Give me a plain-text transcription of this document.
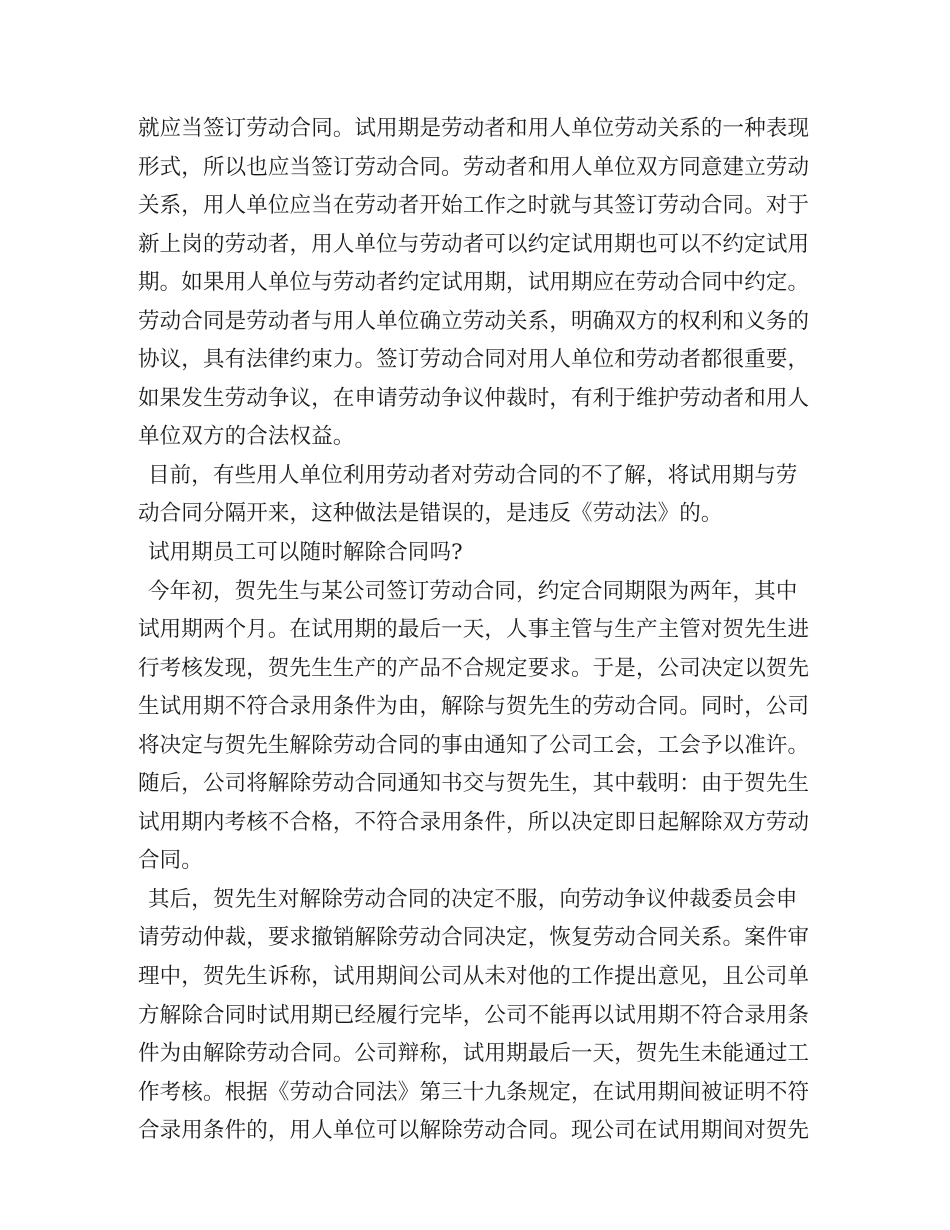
就应当签订劳动合同。试用期是劳动者和用人单位劳动关系的一种表现
形式，所以也应当签订劳动合同。劳动者和用人单位双方同意建立劳动
关系，用人单位应当在劳动者开始工作之时就与其签订劳动合同。对于
新上岗的劳动者，用人单位与劳动者可以约定试用期也可以不约定试用
期。如果用人单位与劳动者约定试用期，试用期应在劳动合同中约定。
劳动合同是劳动者与用人单位确立劳动关系，明确双方的权利和义务的
协议，具有法律约束力。签订劳动合同对用人单位和劳动者都很重要，
如果发生劳动争议，在申请劳动争议仲裁时，有利于维护劳动者和用人
单位双方的合法权益。
目前，有些用人单位利用劳动者对劳动合同的不了解，将试用期与劳
动合同分隔开来，这种做法是错误的，是违反《劳动法》的。
试用期员工可以随时解除合同吗?
今年初，贺先生与某公司签订劳动合同，约定合同期限为两年，其中
试用期两个月。在试用期的最后一天，人事主管与生产主管对贺先生进
行考核发现，贺先生生产的产品不合规定要求。于是，公司决定以贺先
生试用期不符合录用条件为由，解除与贺先生的劳动合同。同时，公司
将决定与贺先生解除劳动合同的事由通知了公司工会，工会予以准许。
随后，公司将解除劳动合同通知书交与贺先生，其中载明：由于贺先生
试用期内考核不合格，不符合录用条件，所以决定即日起解除双方劳动
合同。
其后，贺先生对解除劳动合同的决定不服，向劳动争议仲裁委员会申
请劳动仲裁，要求撤销解除劳动合同决定，恢复劳动合同关系。案件审
理中，贺先生诉称，试用期间公司从未对他的工作提出意见，且公司单
方解除合同时试用期已经履行完毕，公司不能再以试用期不符合录用条
件为由解除劳动合同。公司辩称，试用期最后一天，贺先生未能通过工
作考核。根据《劳动合同法》第三十九条规定，在试用期间被证明不符
合录用条件的，用人单位可以解除劳动合同。现公司在试用期间对贺先
